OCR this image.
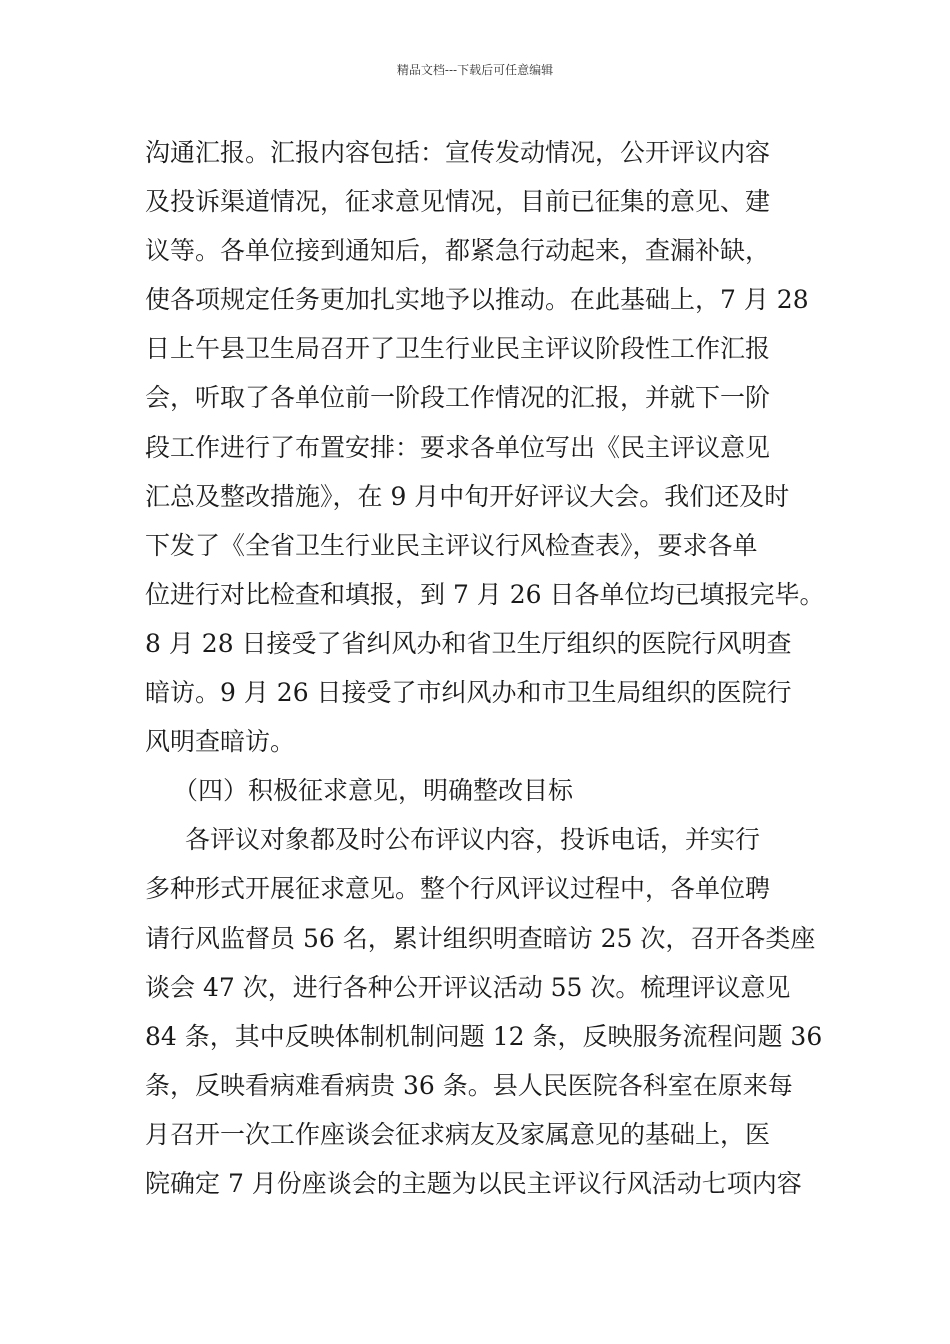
精品文档---下载后可任意编辑
沟通汇报。汇报内容包括：宣传发动情况，公开评议内容
及投诉渠道情况，征求意见情况，目前已征集的意见、建
议等。各单位接到通知后，都紧急行动起来，查漏补缺，
使各项规定任务更加扎实地予以推动。在此基础上，7 月 28
日上午县卫生局召开了卫生行业民主评议阶段性工作汇报
会，听取了各单位前一阶段工作情况的汇报，并就下一阶
段工作进行了布置安排：要求各单位写出《民主评议意见
汇总及整改措施》，在 9 月中旬开好评议大会。我们还及时
下发了《全省卫生行业民主评议行风检查表》，要求各单
位进行对比检查和填报，到 7 月 26 日各单位均已填报完毕。
8 月 28 日接受了省纠风办和省卫生厅组织的医院行风明查
暗访。9 月 26 日接受了市纠风办和市卫生局组织的医院行
风明查暗访。
（四）积极征求意见，明确整改目标
各评议对象都及时公布评议内容，投诉电话，并实行
多种形式开展征求意见。整个行风评议过程中，各单位聘
请行风监督员 56 名，累计组织明查暗访 25 次，召开各类座
谈会 47 次，进行各种公开评议活动 55 次。梳理评议意见
84 条，其中反映体制机制问题 12 条，反映服务流程问题 36
条，反映看病难看病贵 36 条。县人民医院各科室在原来每
月召开一次工作座谈会征求病友及家属意见的基础上，医
院确定 7 月份座谈会的主题为以民主评议行风活动七项内容
